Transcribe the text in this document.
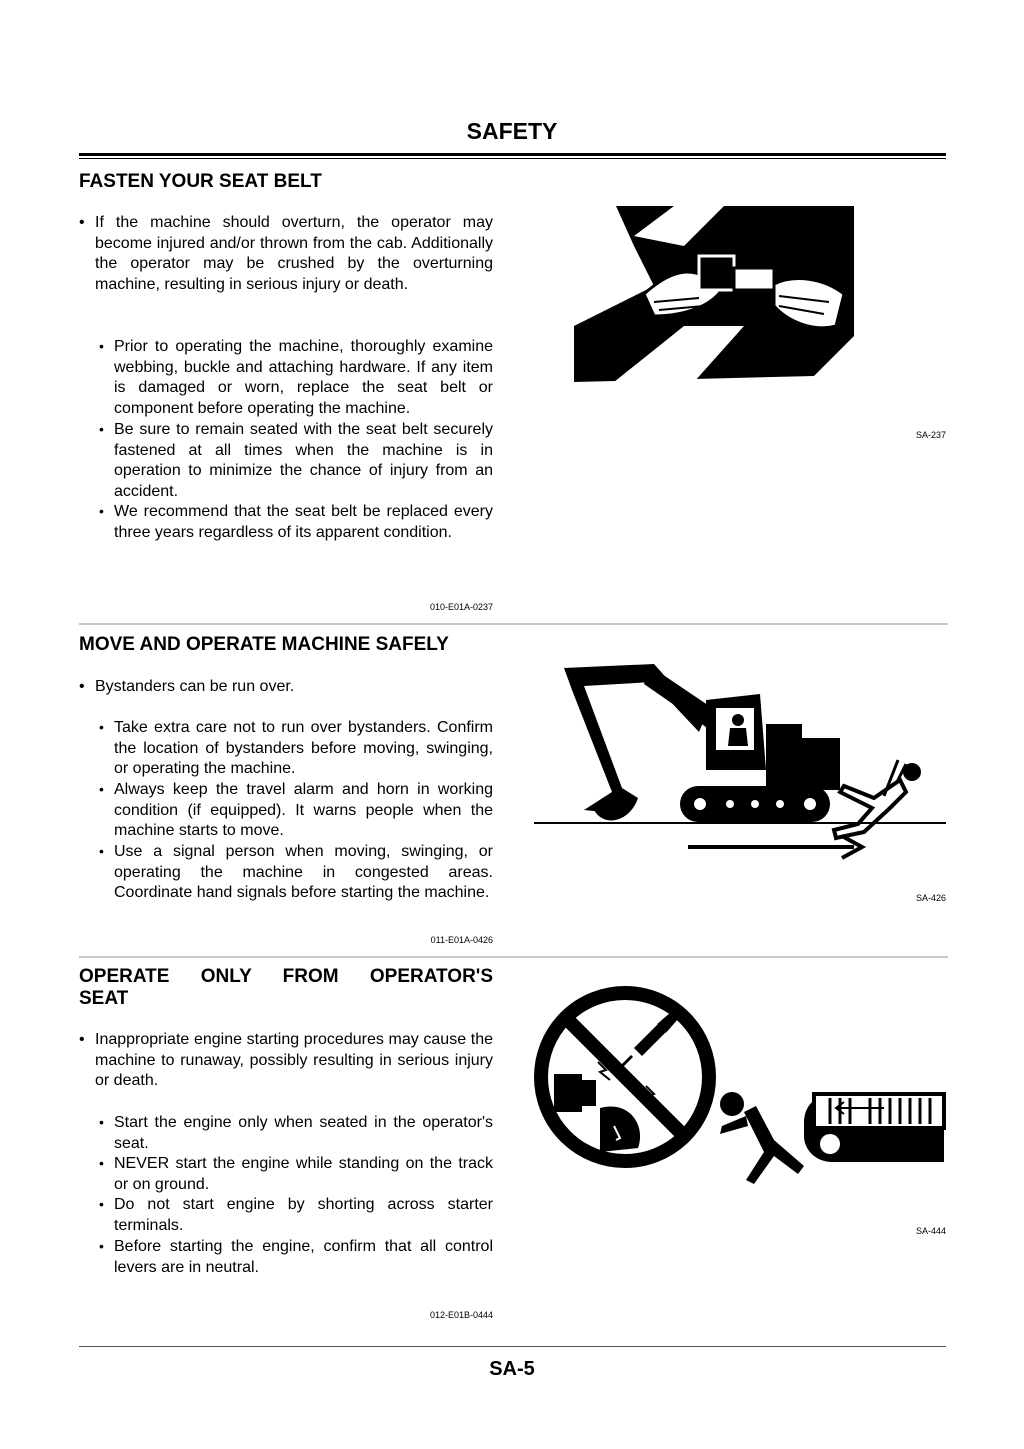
SAFETY
FASTEN YOUR SEAT BELT
• If the machine should overturn, the operator may become injured and/or thrown from the cab. Additionally the operator may be crushed by the overturning machine, resulting in serious injury or death.
• Prior to operating the machine, thoroughly examine webbing, buckle and attaching hardware. If any item is damaged or worn, replace the seat belt or component before operating the machine.
• Be sure to remain seated with the seat belt securely fastened at all times when the machine is in operation to minimize the chance of injury from an accident.
• We recommend that the seat belt be replaced every three years regardless of its apparent condition.
SA-237
010-E01A-0237
MOVE AND OPERATE MACHINE SAFELY
• Bystanders can be run over.
• Take extra care not to run over bystanders. Confirm the location of bystanders before moving, swinging, or operating the machine.
• Always keep the travel alarm and horn in working condition (if equipped). It warns people when the machine starts to move.
• Use a signal person when moving, swinging, or operating the machine in congested areas. Coordinate hand signals before starting the machine.	SA-426
011-E01A-0426
OPERATE ONLY FROM OPERATOR'S
SEAT
• Inappropriate engine starting procedures may cause the machine to runaway, possibly resulting in serious injury or death.
• Start the engine only when seated in the operator's seat.
• NEVER start the engine while standing on the track or on ground.
• Do not start engine by shorting across starter terminals.
• Before starting the engine, confirm that all control levers are in neutral.
SA-444
012-E01B-0444
SA-5
